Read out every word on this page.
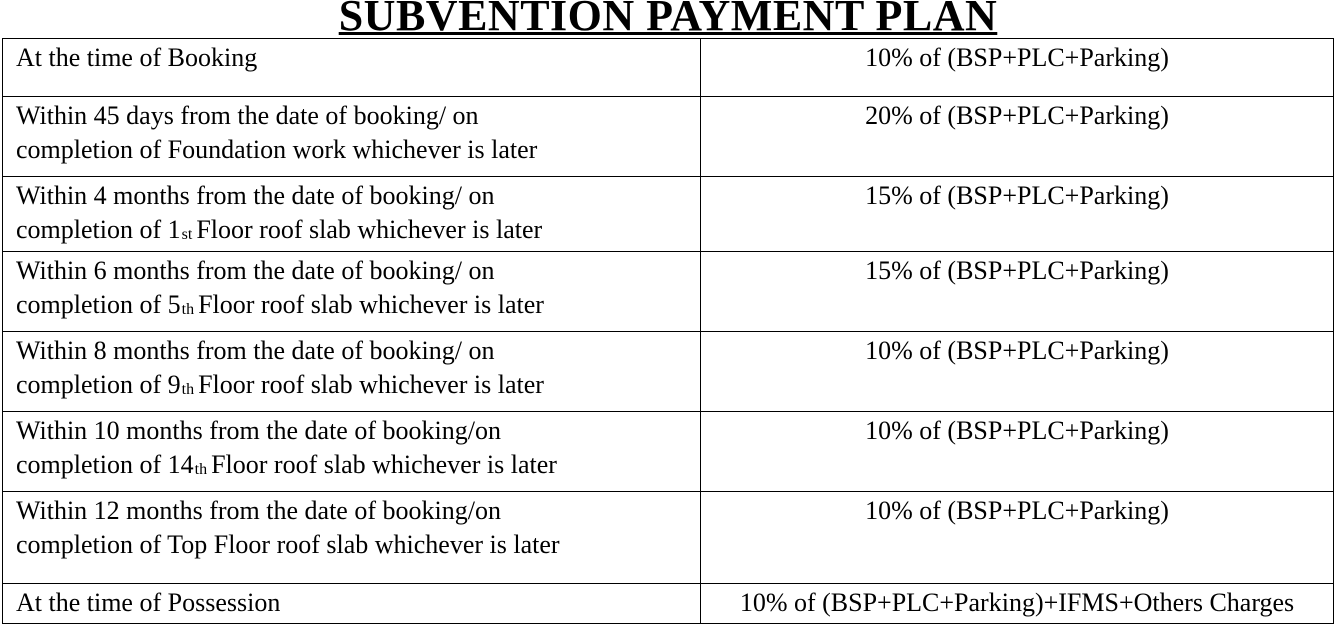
SUBVENTION PAYMENT PLAN
At the time of Booking	10% of (BSP+PLC+Parking)

Within 45 days from the date of booking/ on
completion of Foundation work whichever is later	20% of (BSP+PLC+Parking)

Within 4 months from the date of booking/ on
completion of $1_{st}$ Floor roof slab whichever is later	15% of (BSP+PLC+Parking)

Within 6 months from the date of booking/ on
completion of $5_{th}$ Floor roof slab whichever is later	15% of (BSP+PLC+Parking)

Within 8 months from the date of booking/ on
completion of $9_{th}$ Floor roof slab whichever is later	10% of (BSP+PLC+Parking)

Within 10 months from the date of booking/on
completion of $14_{th}$ Floor roof slab whichever is later	10% of (BSP+PLC+Parking)

Within 12 months from the date of booking/on
completion of Top Floor roof slab whichever is later	10% of (BSP+PLC+Parking)

At the time of Possession	10% of (BSP+PLC+Parking)+IFMS+Others Charges
